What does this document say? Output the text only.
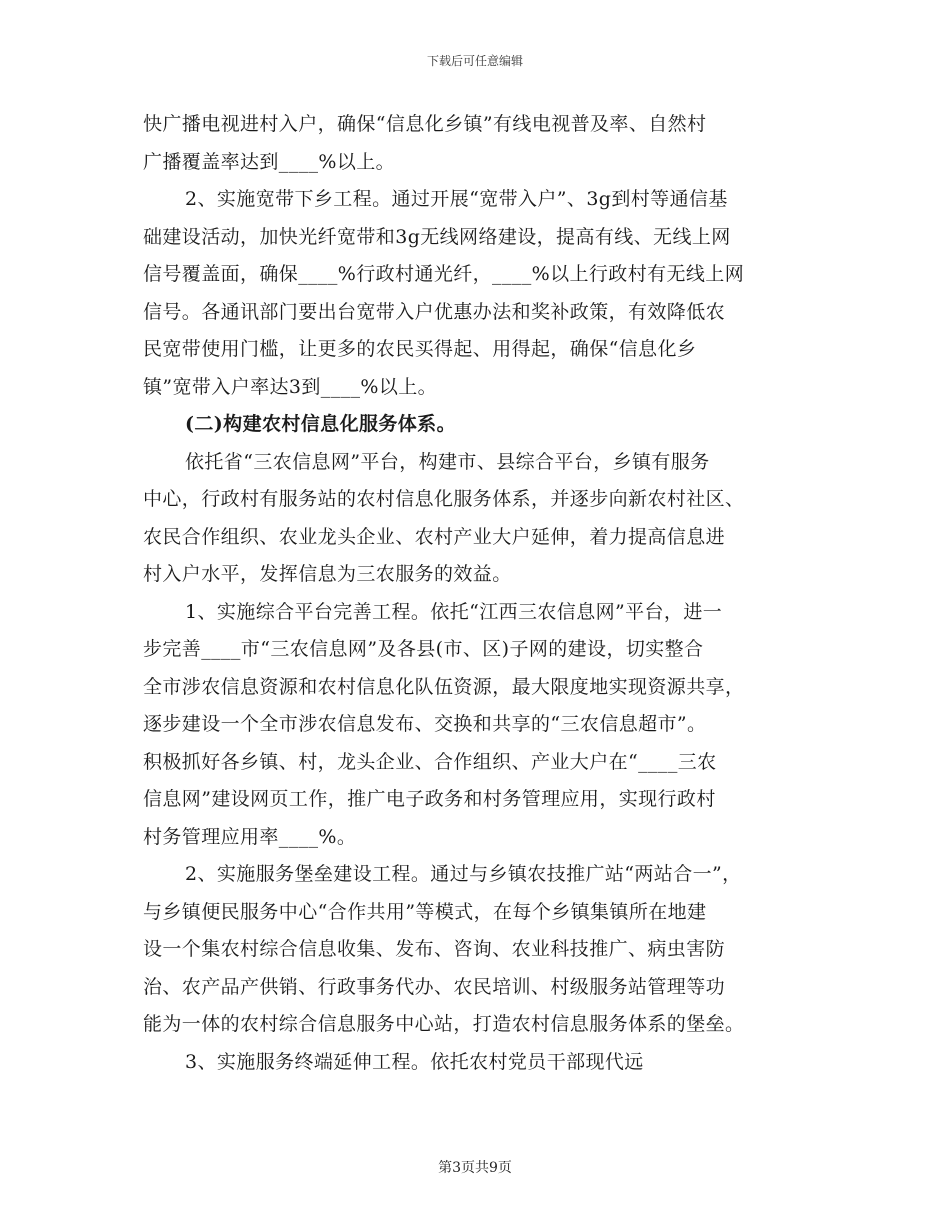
下载后可任意编辑
快广播电视进村入户，确保“信息化乡镇”有线电视普及率、自然村
广播覆盖率达到____%以上。
2、实施宽带下乡工程。通过开展“宽带入户”、3g到村等通信基
础建设活动，加快光纤宽带和3g无线网络建设，提高有线、无线上网
信号覆盖面，确保____%行政村通光纤，____%以上行政村有无线上网
信号。各通讯部门要出台宽带入户优惠办法和奖补政策，有效降低农
民宽带使用门槛，让更多的农民买得起、用得起，确保“信息化乡
镇”宽带入户率达3到____%以上。
(二)构建农村信息化服务体系。
依托省“三农信息网”平台，构建市、县综合平台，乡镇有服务
中心，行政村有服务站的农村信息化服务体系，并逐步向新农村社区、
农民合作组织、农业龙头企业、农村产业大户延伸，着力提高信息进
村入户水平，发挥信息为三农服务的效益。
1、实施综合平台完善工程。依托“江西三农信息网”平台，进一
步完善____市“三农信息网”及各县(市、区)子网的建设，切实整合
全市涉农信息资源和农村信息化队伍资源，最大限度地实现资源共享，
逐步建设一个全市涉农信息发布、交换和共享的“三农信息超市”。
积极抓好各乡镇、村，龙头企业、合作组织、产业大户在“____三农
信息网”建设网页工作，推广电子政务和村务管理应用，实现行政村
村务管理应用率____%。
2、实施服务堡垒建设工程。通过与乡镇农技推广站“两站合一”，
与乡镇便民服务中心“合作共用”等模式，在每个乡镇集镇所在地建
设一个集农村综合信息收集、发布、咨询、农业科技推广、病虫害防
治、农产品产供销、行政事务代办、农民培训、村级服务站管理等功
能为一体的农村综合信息服务中心站，打造农村信息服务体系的堡垒。
3、实施服务终端延伸工程。依托农村党员干部现代远
第3页共9页
